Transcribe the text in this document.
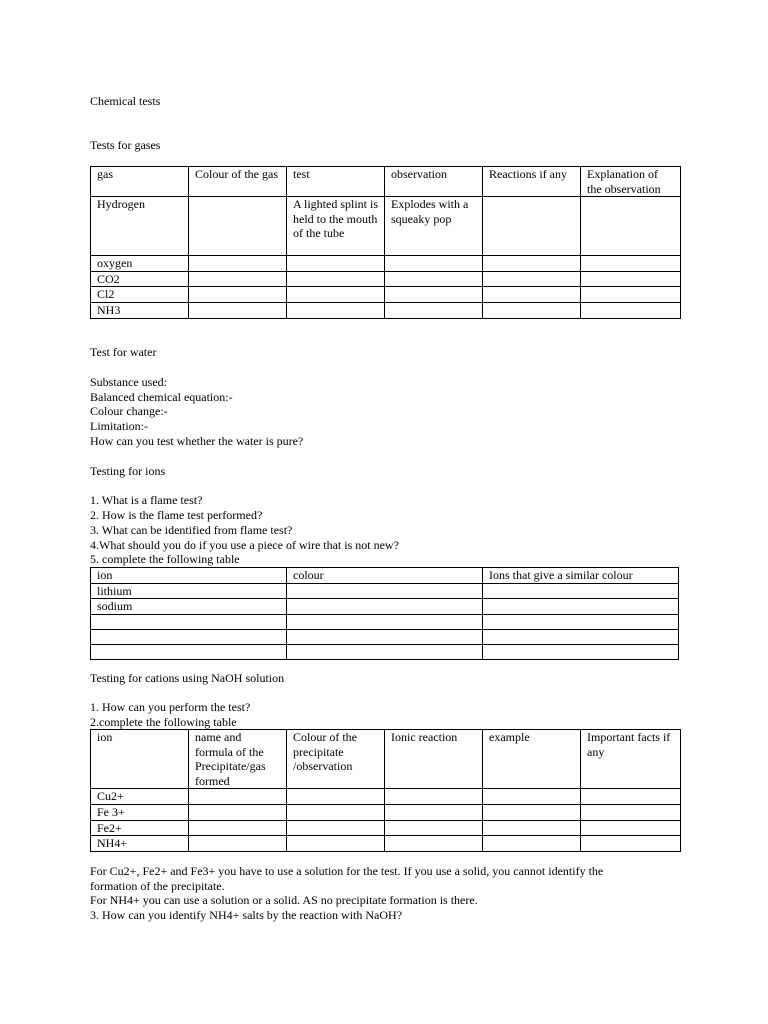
Chemical tests
Tests for gases
gas	Colour of the gas	test	observation	Reactions if any	Explanation of the observation
Hydrogen		A lighted splint is held to the mouth of the tube	Explodes with a squeaky pop		
oxygen					
CO2					
Cl2					
NH3					
Test for water
Substance used:
Balanced chemical equation:-
Colour change:-
Limitation:-
How can you test whether the water is pure?
Testing for ions
1. What is a flame test?
2. How is the flame test performed?
3. What can be identified from flame test?
4.What should you do if you use a piece of wire that is not new?
5. complete the following table
ion	colour	Ions that give a similar colour
lithium		
sodium		

Testing for cations using NaOH solution
1. How can you perform the test?
2.complete the following table
ion	name and formula of the Precipitate/gas formed	Colour of the precipitate /observation	Ionic reaction	example	Important facts if any
Cu2+					
Fe 3+					
Fe2+					
NH4+					
For Cu2+, Fe2+ and Fe3+ you have to use a solution for the test. If you use a solid, you cannot identify the
formation of the precipitate.
For NH4+ you can use a solution or a solid. AS no precipitate formation is there.
3. How can you identify NH4+ salts by the reaction with NaOH?
